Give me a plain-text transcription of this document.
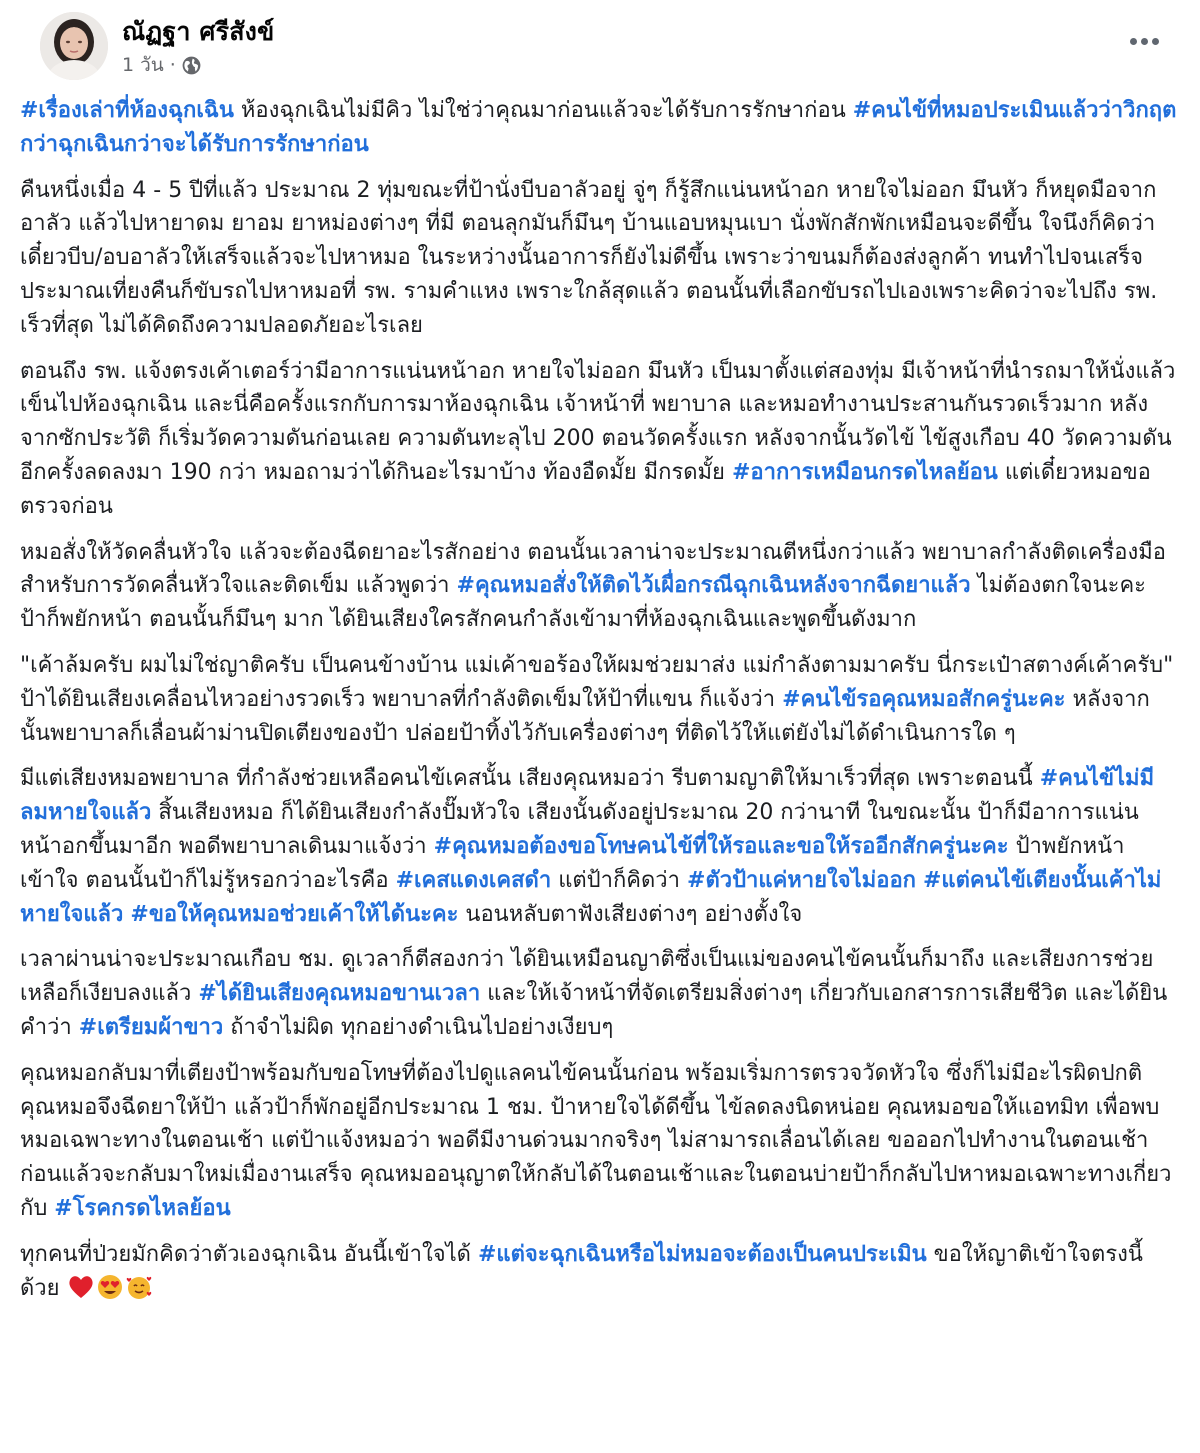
ณัฏฐา ศรีสังข์
1 วัน ·

#เรื่องเล่าที่ห้องฉุกเฉิน ห้องฉุกเฉินไม่มีคิว ไม่ใช่ว่าคุณมาก่อนแล้วจะได้รับการรักษาก่อน #คนไข้ที่หมอประเมินแล้วว่าวิกฤตกว่าฉุกเฉินกว่าจะได้รับการรักษาก่อน

คืนหนึ่งเมื่อ 4 - 5 ปีที่แล้ว ประมาณ 2 ทุ่มขณะที่ป้านั่งบีบอาลัวอยู่ จู่ๆ ก็รู้สึกแน่นหน้าอก หายใจไม่ออก มึนหัว ก็หยุดมือจากอาลัว แล้วไปหายาดม ยาอม ยาหม่องต่างๆ ที่มี ตอนลุกมันก็มึนๆ บ้านแอบหมุนเบา นั่งพักสักพักเหมือนจะดีขึ้น ใจนึงก็คิดว่าเดี๋ยวบีบ/อบอาลัวให้เสร็จแล้วจะไปหาหมอ ในระหว่างนั้นอาการก็ยังไม่ดีขึ้น เพราะว่าขนมก็ต้องส่งลูกค้า ทนทำไปจนเสร็จ ประมาณเที่ยงคืนก็ขับรถไปหาหมอที่ รพ. รามคำแหง เพราะใกล้สุดแล้ว ตอนนั้นที่เลือกขับรถไปเองเพราะคิดว่าจะไปถึง รพ. เร็วที่สุด ไม่ได้คิดถึงความปลอดภัยอะไรเลย

ตอนถึง รพ. แจ้งตรงเค้าเตอร์ว่ามีอาการแน่นหน้าอก หายใจไม่ออก มึนหัว เป็นมาตั้งแต่สองทุ่ม มีเจ้าหน้าที่นำรถมาให้นั่งแล้วเข็นไปห้องฉุกเฉิน และนี่คือครั้งแรกกับการมาห้องฉุกเฉิน เจ้าหน้าที่ พยาบาล และหมอทำงานประสานกันรวดเร็วมาก หลังจากซักประวัติ ก็เริ่มวัดความดันก่อนเลย ความดันทะลุไป 200 ตอนวัดครั้งแรก หลังจากนั้นวัดไข้ ไข้สูงเกือบ 40 วัดความดันอีกครั้งลดลงมา 190 กว่า หมอถามว่าได้กินอะไรมาบ้าง ท้องอืดมั้ย มีกรดมั้ย #อาการเหมือนกรดไหลย้อน แต่เดี๋ยวหมอขอตรวจก่อน

หมอสั่งให้วัดคลื่นหัวใจ แล้วจะต้องฉีดยาอะไรสักอย่าง ตอนนั้นเวลาน่าจะประมาณตีหนึ่งกว่าแล้ว พยาบาลกำลังติดเครื่องมือสำหรับการวัดคลื่นหัวใจและติดเข็ม แล้วพูดว่า #คุณหมอสั่งให้ติดไว้เผื่อกรณีฉุกเฉินหลังจากฉีดยาแล้ว ไม่ต้องตกใจนะคะ ป้าก็พยักหน้า ตอนนั้นก็มึนๆ มาก ได้ยินเสียงใครสักคนกำลังเข้ามาที่ห้องฉุกเฉินและพูดขึ้นดังมาก

"เค้าล้มครับ ผมไม่ใช่ญาติครับ เป็นคนข้างบ้าน แม่เค้าขอร้องให้ผมช่วยมาส่ง แม่กำลังตามมาครับ นี่กระเป๋าสตางค์เค้าครับ" ป้าได้ยินเสียงเคลื่อนไหวอย่างรวดเร็ว พยาบาลที่กำลังติดเข็มให้ป้าที่แขน ก็แจ้งว่า #คนไข้รอคุณหมอสักครู่นะคะ หลังจากนั้นพยาบาลก็เลื่อนผ้าม่านปิดเตียงของป้า ปล่อยป้าทิ้งไว้กับเครื่องต่างๆ ที่ติดไว้ให้แต่ยังไม่ได้ดำเนินการใด ๆ

มีแต่เสียงหมอพยาบาล ที่กำลังช่วยเหลือคนไข้เคสนั้น เสียงคุณหมอว่า รีบตามญาติให้มาเร็วที่สุด เพราะตอนนี้ #คนไข้ไม่มีลมหายใจแล้ว สิ้นเสียงหมอ ก็ได้ยินเสียงกำลังปั๊มหัวใจ เสียงนั้นดังอยู่ประมาณ 20 กว่านาที ในขณะนั้น ป้าก็มีอาการแน่นหน้าอกขึ้นมาอีก พอดีพยาบาลเดินมาแจ้งว่า #คุณหมอต้องขอโทษคนไข้ที่ให้รอและขอให้รออีกสักครู่นะคะ ป้าพยักหน้าเข้าใจ ตอนนั้นป้าก็ไม่รู้หรอกว่าอะไรคือ #เคสแดงเคสดำ แต่ป้าก็คิดว่า #ตัวป้าแค่หายใจไม่ออก #แต่คนไข้เตียงนั้นเค้าไม่หายใจแล้ว #ขอให้คุณหมอช่วยเค้าให้ได้นะคะ นอนหลับตาฟังเสียงต่างๆ อย่างตั้งใจ

เวลาผ่านน่าจะประมาณเกือบ ชม. ดูเวลาก็ตีสองกว่า ได้ยินเหมือนญาติซึ่งเป็นแม่ของคนไข้คนนั้นก็มาถึง และเสียงการช่วยเหลือก็เงียบลงแล้ว #ได้ยินเสียงคุณหมอขานเวลา และให้เจ้าหน้าที่จัดเตรียมสิ่งต่างๆ เกี่ยวกับเอกสารการเสียชีวิต และได้ยินคำว่า #เตรียมผ้าขาว ถ้าจำไม่ผิด ทุกอย่างดำเนินไปอย่างเงียบๆ

คุณหมอกลับมาที่เตียงป้าพร้อมกับขอโทษที่ต้องไปดูแลคนไข้คนนั้นก่อน พร้อมเริ่มการตรวจวัดหัวใจ ซึ่งก็ไม่มีอะไรผิดปกติ คุณหมอจึงฉีดยาให้ป้า แล้วป้าก็พักอยู่อีกประมาณ 1 ชม. ป้าหายใจได้ดีขึ้น ไข้ลดลงนิดหน่อย คุณหมอขอให้แอทมิท เพื่อพบหมอเฉพาะทางในตอนเช้า แต่ป้าแจ้งหมอว่า พอดีมีงานด่วนมากจริงๆ ไม่สามารถเลื่อนได้เลย ขอออกไปทำงานในตอนเช้าก่อนแล้วจะกลับมาใหม่เมื่องานเสร็จ คุณหมออนุญาตให้กลับได้ในตอนเช้าและในตอนบ่ายป้าก็กลับไปหาหมอเฉพาะทางเกี่ยวกับ #โรคกรดไหลย้อน

ทุกคนที่ป่วยมักคิดว่าตัวเองฉุกเฉิน อันนี้เข้าใจได้ #แต่จะฉุกเฉินหรือไม่หมอจะต้องเป็นคนประเมิน ขอให้ญาติเข้าใจตรงนี้ด้วย
